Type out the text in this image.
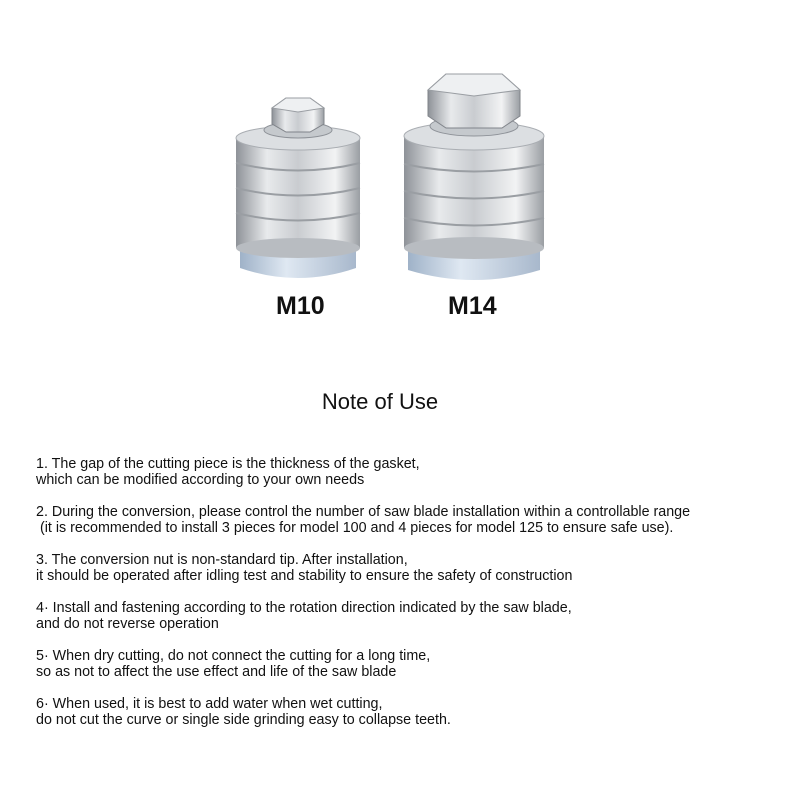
M10	M14
Note of Use
1. The gap of the cutting piece is the thickness of the gasket,
which can be modified according to your own needs
2. During the conversion, please control the number of saw blade installation within a controllable range
(it is recommended to install 3 pieces for model 100 and 4 pieces for model 125 to ensure safe use).
3. The conversion nut is non-standard tip. After installation,
it should be operated after idling test and stability to ensure the safety of construction
4· Install and fastening according to the rotation direction indicated by the saw blade,
and do not reverse operation
5· When dry cutting, do not connect the cutting for a long time,
so as not to affect the use effect and life of the saw blade
6· When used, it is best to add water when wet cutting,
do not cut the curve or single side grinding easy to collapse teeth.
